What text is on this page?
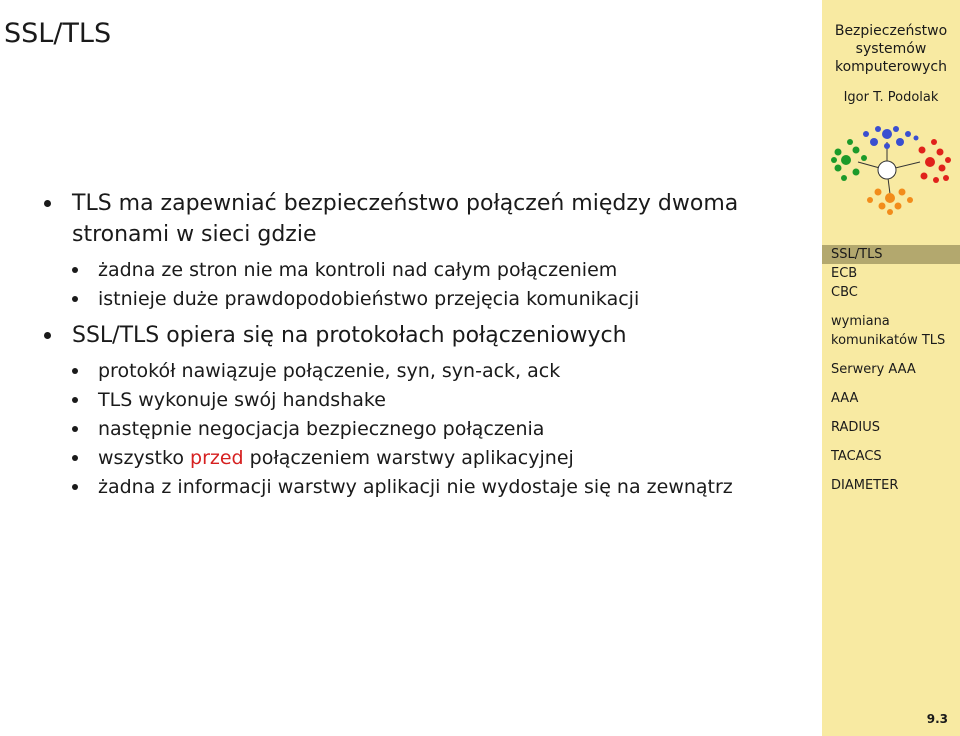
SSL/TLS
TLS ma zapewniać bezpieczeństwo połączeń między dwoma stronami w sieci gdzie
żadna ze stron nie ma kontroli nad całym połączeniem
istnieje duże prawdopodobieństwo przejęcia komunikacji
SSL/TLS opiera się na protokołach połączeniowych
protokół nawiązuje połączenie, syn, syn-ack, ack
TLS wykonuje swój handshake
następnie negocjacja bezpiecznego połączenia
wszystko przed połączeniem warstwy aplikacyjnej
żadna z informacji warstwy aplikacji nie wydostaje się na zewnątrz
Bezpieczeństwo systemów komputerowych
Igor T. Podolak
SSL/TLS
ECB
CBC
wymiana komunikatów TLS
Serwery AAA
AAA
RADIUS
TACACS
DIAMETER
9.3
